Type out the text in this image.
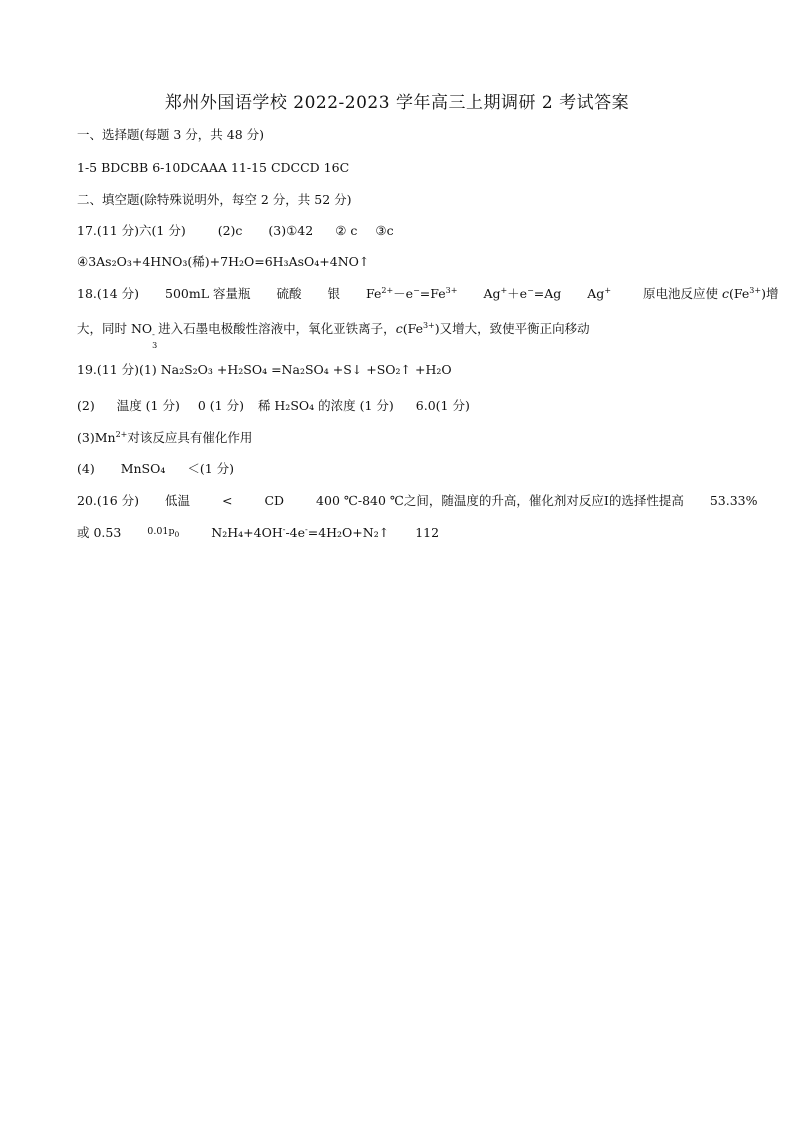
郑州外国语学校 2022-2023 学年高三上期调研 2 考试答案
一、选择题(每题 3 分，共 48 分)
1-5 BDCBB 6-10DCAAA 11-15 CDCCD 16C
二、填空题(除特殊说明外，每空 2 分，共 52 分)
17.(11 分)六(1 分)	(2)c (3)①42 ② c ③c
④3As₂O₃+4HNO₃(稀)+7H₂O=6H₃AsO₄+4NO↑
18.(14 分) 500mL 容量瓶 硫酸 银 $Fe^{2+}-e^-=Fe^{3+}$ Ag+＋e−=Ag Ag+	原电池反应使 $c(Fe^{3+})$增
大，同时 NO -
3
进入石墨电极酸性溶液中，氧化亚铁离子，$c(Fe^{3+})$又增大，致使平衡正向移动
19.(11 分)(1) Na₂S₂O₃ +H₂SO₄ =Na₂SO₄ +S↓ +SO₂↑ +H₂O
(2) 温度 (1 分) 0 (1 分) 稀 H₂SO₄ 的浓度 (1 分) 6.0(1 分)
$(3)Mn^{2+}$对该反应具有催化作用
(4) MnSO₄ ＜(1 分)
20.(16 分) 低温	<	CD	400 ℃-840 ℃之间，随温度的升高，催化剂对反应Ⅰ的选择性提高 53.33%
或 0.53	$^{0.01p}$0	N₂H₄+4OH--4e-=4H₂O+N₂↑ 112
